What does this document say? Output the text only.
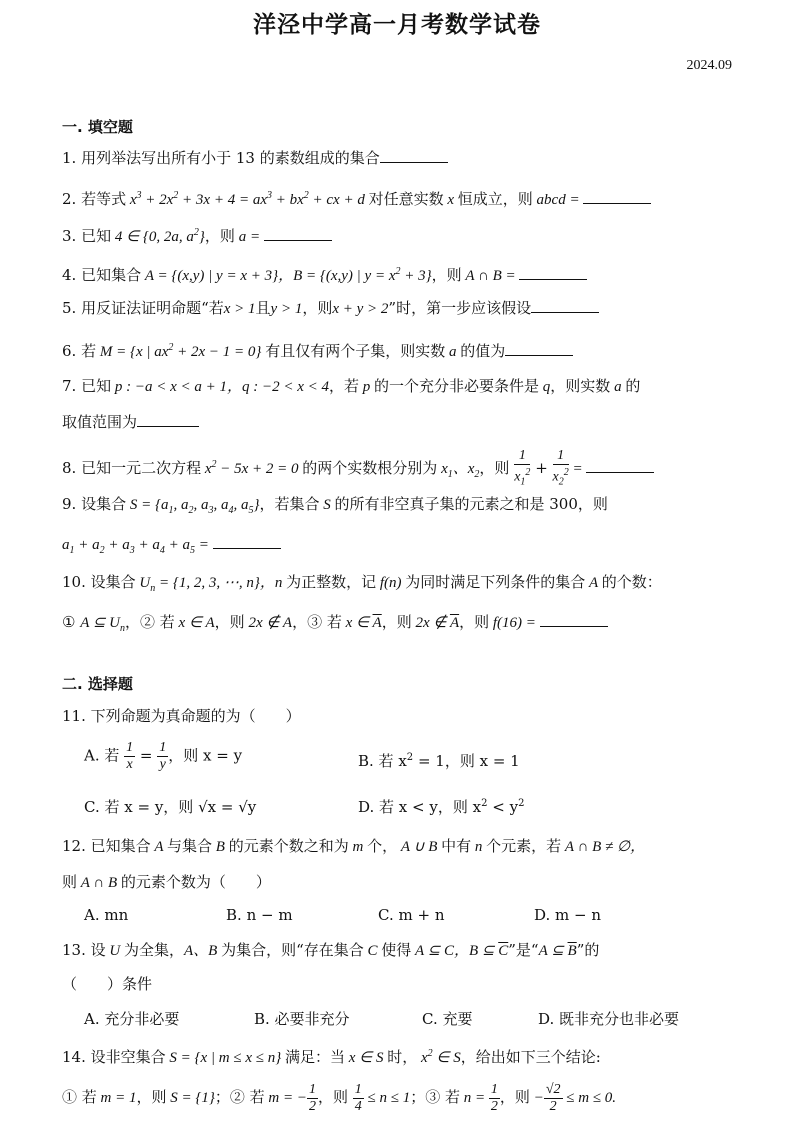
洋泾中学高一月考数学试卷
2024.09
一. 填空题
1. 用列举法写出所有小于 13 的素数组成的集合
2. 若等式 $x^3 + 2x^2 + 3x + 4 = ax^3 + bx^2$ + cx + d 对任意实数 x 恒成立，则 abcd =
3. 已知 4 ∈ {0, 2a, $a^2$}，则 a =
4. 已知集合 A = {(x,y) | y = x + 3}，B = {(x,y) | $y = x^2 + 3$}，则 A ∩ B =
5. 用反证法证明命题“若x > 1且y > 1，则x + y > 2”时，第一步应该假设
6. 若 M = {x | $ax^2 + 2x - 1 = 0$} 有且仅有两个子集，则实数 a 的值为
7. 已知 p : −a < x < a + 1，q : −2 < x < 4，若 p 的一个充分非必要条件是 q，则实数 a 的
取值范围为
8. 已知一元二次方程 $x^2 - 5x + 2 = 0$ 的两个实数根分别为 $x_1$、$x_2$，则 $\frac{1}{x_1^2} + \frac{1}{x_2^2}$ =
9. 设集合 $S = \{a_1$, $a_2$, $a_3$, $a_4$, $a_5$}，若集合 S 的所有非空真子集的元素之和是 300，则
$a_1 + a_2 + a_3 + a_4 + a_5$ =
10. 设集合 $U_n = \{1$, 2, 3, ⋯, n}，n 为正整数，记 f(n) 为同时满足下列条件的集合 A 的个数：
① A ⊆ $U_n$，② 若 x ∈ A，则 2x ∉ A，③ 若 x ∈ $\overline{A}$，则 2x ∉ $\overline{A}$，则 f(16) =
二. 选择题
11. 下列命题为真命题的为（　　）
A. 若 $\frac{1}{x} = \frac{1}{y}$ ，则 x = y	B. 若 $x^2 = 1$，则 x = 1
C. 若 x = y，则 √x = √y	D. 若 x < y，则 $x^2 < y^2$
12. 已知集合 A 与集合 B 的元素个数之和为 m 个， A ∪ B 中有 n 个元素，若 A ∩ B ≠ ∅，
则 A ∩ B 的元素个数为（　　）
A. mn	B. n − m	C. m + n	D. m − n
13. 设 U 为全集，A、B 为集合，则“存在集合 C 使得 A ⊆ C，B ⊆ $\overline{C}$”是“A ⊆ $\overline{B}$”的
（　　）条件
A. 充分非必要	B. 必要非充分	C. 充要	D. 既非充分也非必要
14. 设非空集合 S = {x | m ≤ x ≤ n} 满足：当 x ∈ S 时， $x^2$ ∈ S，给出如下三个结论:
① 若 m = 1，则 S = {1}；② 若 m = − $\frac{1}{2}$ ，则 $\frac{1}{4} \le n \le 1$；③ 若 $n = \frac{1}{2}$ ，则 − $\frac{√2}{2} \le m \le 0$.
